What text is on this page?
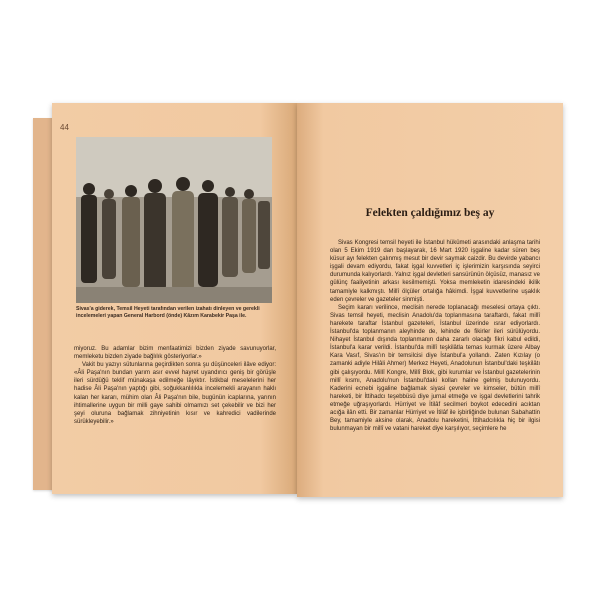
44
Sivas'a giderek, Temsil Heyeti tarafından verilen izahatı dinleyen ve gerekli incelemeleri yapan General Harbord (önde) Kâzım Karabekir Paşa ile.

miyoruz. Bu adamlar bizim menfaatimizi bizden ziyade savunuyorlar, memleketu bizden ziyade bağlılık gösteriyorlar.»

Vakit bu yazıyı sütunlarına geçirdikten sonra şu düşünceleri ilâve ediyor: «Âli Paşa'nın bundan yarım asır evvel hayret uyandırıcı geniş bir görüşle ileri sürdüğü teklif münakaşa edilmeğe lâyıktır. İstikbal meselelerini her hadise Âli Paşa'nın yaptığı gibi, soğukkanlılıkla incelemekli arayanın haklı kalan her kararı, mühim olan Âli Paşa'nın bile, bugünün icaplarına, yarının ihtimallerine uygun bir milli gaye sahibi olmamızı set çekebilir ve bizi her şeyi oluruna bağlamak zihniyetinin kısır ve kahredici vadilerinde sürükleyebilir.»

Felekten çaldığımız beş ay

Sivas Kongresi temsil heyeti ile İstanbul hükûmeti arasındaki anlaşma tarihi olan 5 Ekim 1919 dan başlayarak, 16 Mart 1920 işgaline kadar süren beş küsur ayı felekten çalınmış mesut bir devir saymak caizdir. Bu devirde yabancı işgali devam ediyordu, fakat işgal kuvvetleri iç işlerimizin karşısında seyirci durumunda kalıyorlardı. Yalnız işgal devletleri sansürünün ölçüsüz, manasız ve gülünç faaliyetinin arkası kesilmemişti. Yoksa memleketin idaresindeki ikilik tamamiyle kalkmıştı. Millî ölçüler ortalığa hâkimdi. İşgal kuvvetlerine uşaklık eden çevreler ve gazeteler sinmişti.

Seçim kararı verilince, meclisin nerede toplanacağı meselesi ortaya çıktı. Sivas temsil heyeti, meclisin Anadolu'da toplanmasına taraftardı, fakat millî harekete taraftar İstanbul gazeteleri, İstanbul üzerinde ısrar ediyorlardı. İstanbul'da toplanmanın aleyhinde de, lehinde de fikirler ileri sürülüyordu. Nihayet İstanbul dışında toplanmanın daha zararlı olacağı fikri kabul edildi, İstanbul'a karar verildi. İstanbul'da millî teşkilâtla temas kurmak üzere Albay Kara Vasıf, Sivas'ın bir temsilcisi diye İstanbul'a yollandı. Zaten Kızılay (o zamanki adiyle Hilâli Ahmer) Merkez Heyeti, Anadolunun İstanbul'daki teşkilâtı gibi çalışıyordu. Millî Kongre, Millî Blok, gibi kurumlar ve İstanbul gazetelerinin millî kısmı, Anadolu'nun İstanbul'daki kolları haline gelmiş bulunuyordu. Kaderini ecnebi işgaline bağlamak siyasi çevreler ve kimseler, bütün millî hareketi, bir İttihadcı teşebbüsü diye jurnal etmeğe ve işgal devletlerini tahrik etmeğe uğraşıyorlardı. Hürriyet ve İtilâf secilmeri boykot edecedini acıktan acığa ilân etti. Bir zamanlar Hürriyet ve İtilâf ile işbirliğinde bulunan Sabahattin Bey, tamamiyle aksine olarak, Anadolu hareketini, İttihadcılıkla hiç bir ilgisi bulunmayan bir millî ve vatani hareket diye karşılıyor, seçimlere he
